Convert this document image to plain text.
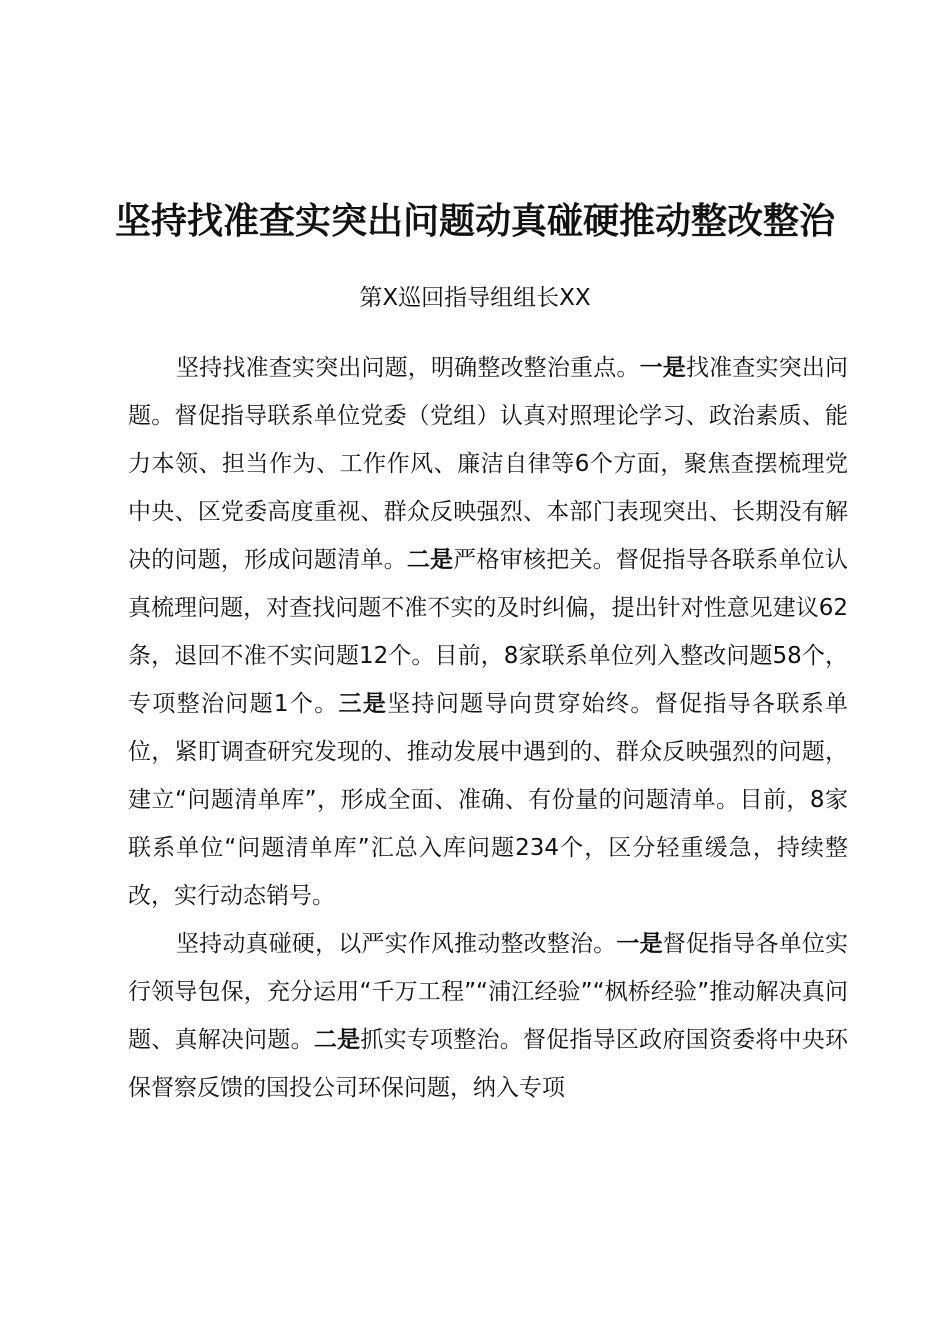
坚持找准查实突出问题动真碰硬推动整改整治

第X巡回指导组组长XX

坚持找准查实突出问题，明确整改整治重点。一是找准查实突出问题。督促指导联系单位党委（党组）认真对照理论学习、政治素质、能力本领、担当作为、工作作风、廉洁自律等6个方面，聚焦查摆梳理党中央、区党委高度重视、群众反映强烈、本部门表现突出、长期没有解决的问题，形成问题清单。二是严格审核把关。督促指导各联系单位认真梳理问题，对查找问题不准不实的及时纠偏，提出针对性意见建议62条，退回不准不实问题12个。目前，8家联系单位列入整改问题58个，专项整治问题1个。三是坚持问题导向贯穿始终。督促指导各联系单位，紧盯调查研究发现的、推动发展中遇到的、群众反映强烈的问题，建立“问题清单库”，形成全面、准确、有份量的问题清单。目前，8家联系单位“问题清单库”汇总入库问题234个，区分轻重缓急，持续整改，实行动态销号。

坚持动真碰硬，以严实作风推动整改整治。一是督促指导各单位实行领导包保，充分运用“千万工程”“浦江经验”“枫桥经验”推动解决真问题、真解决问题。二是抓实专项整治。督促指导区政府国资委将中央环保督察反馈的国投公司环保问题，纳入专项
